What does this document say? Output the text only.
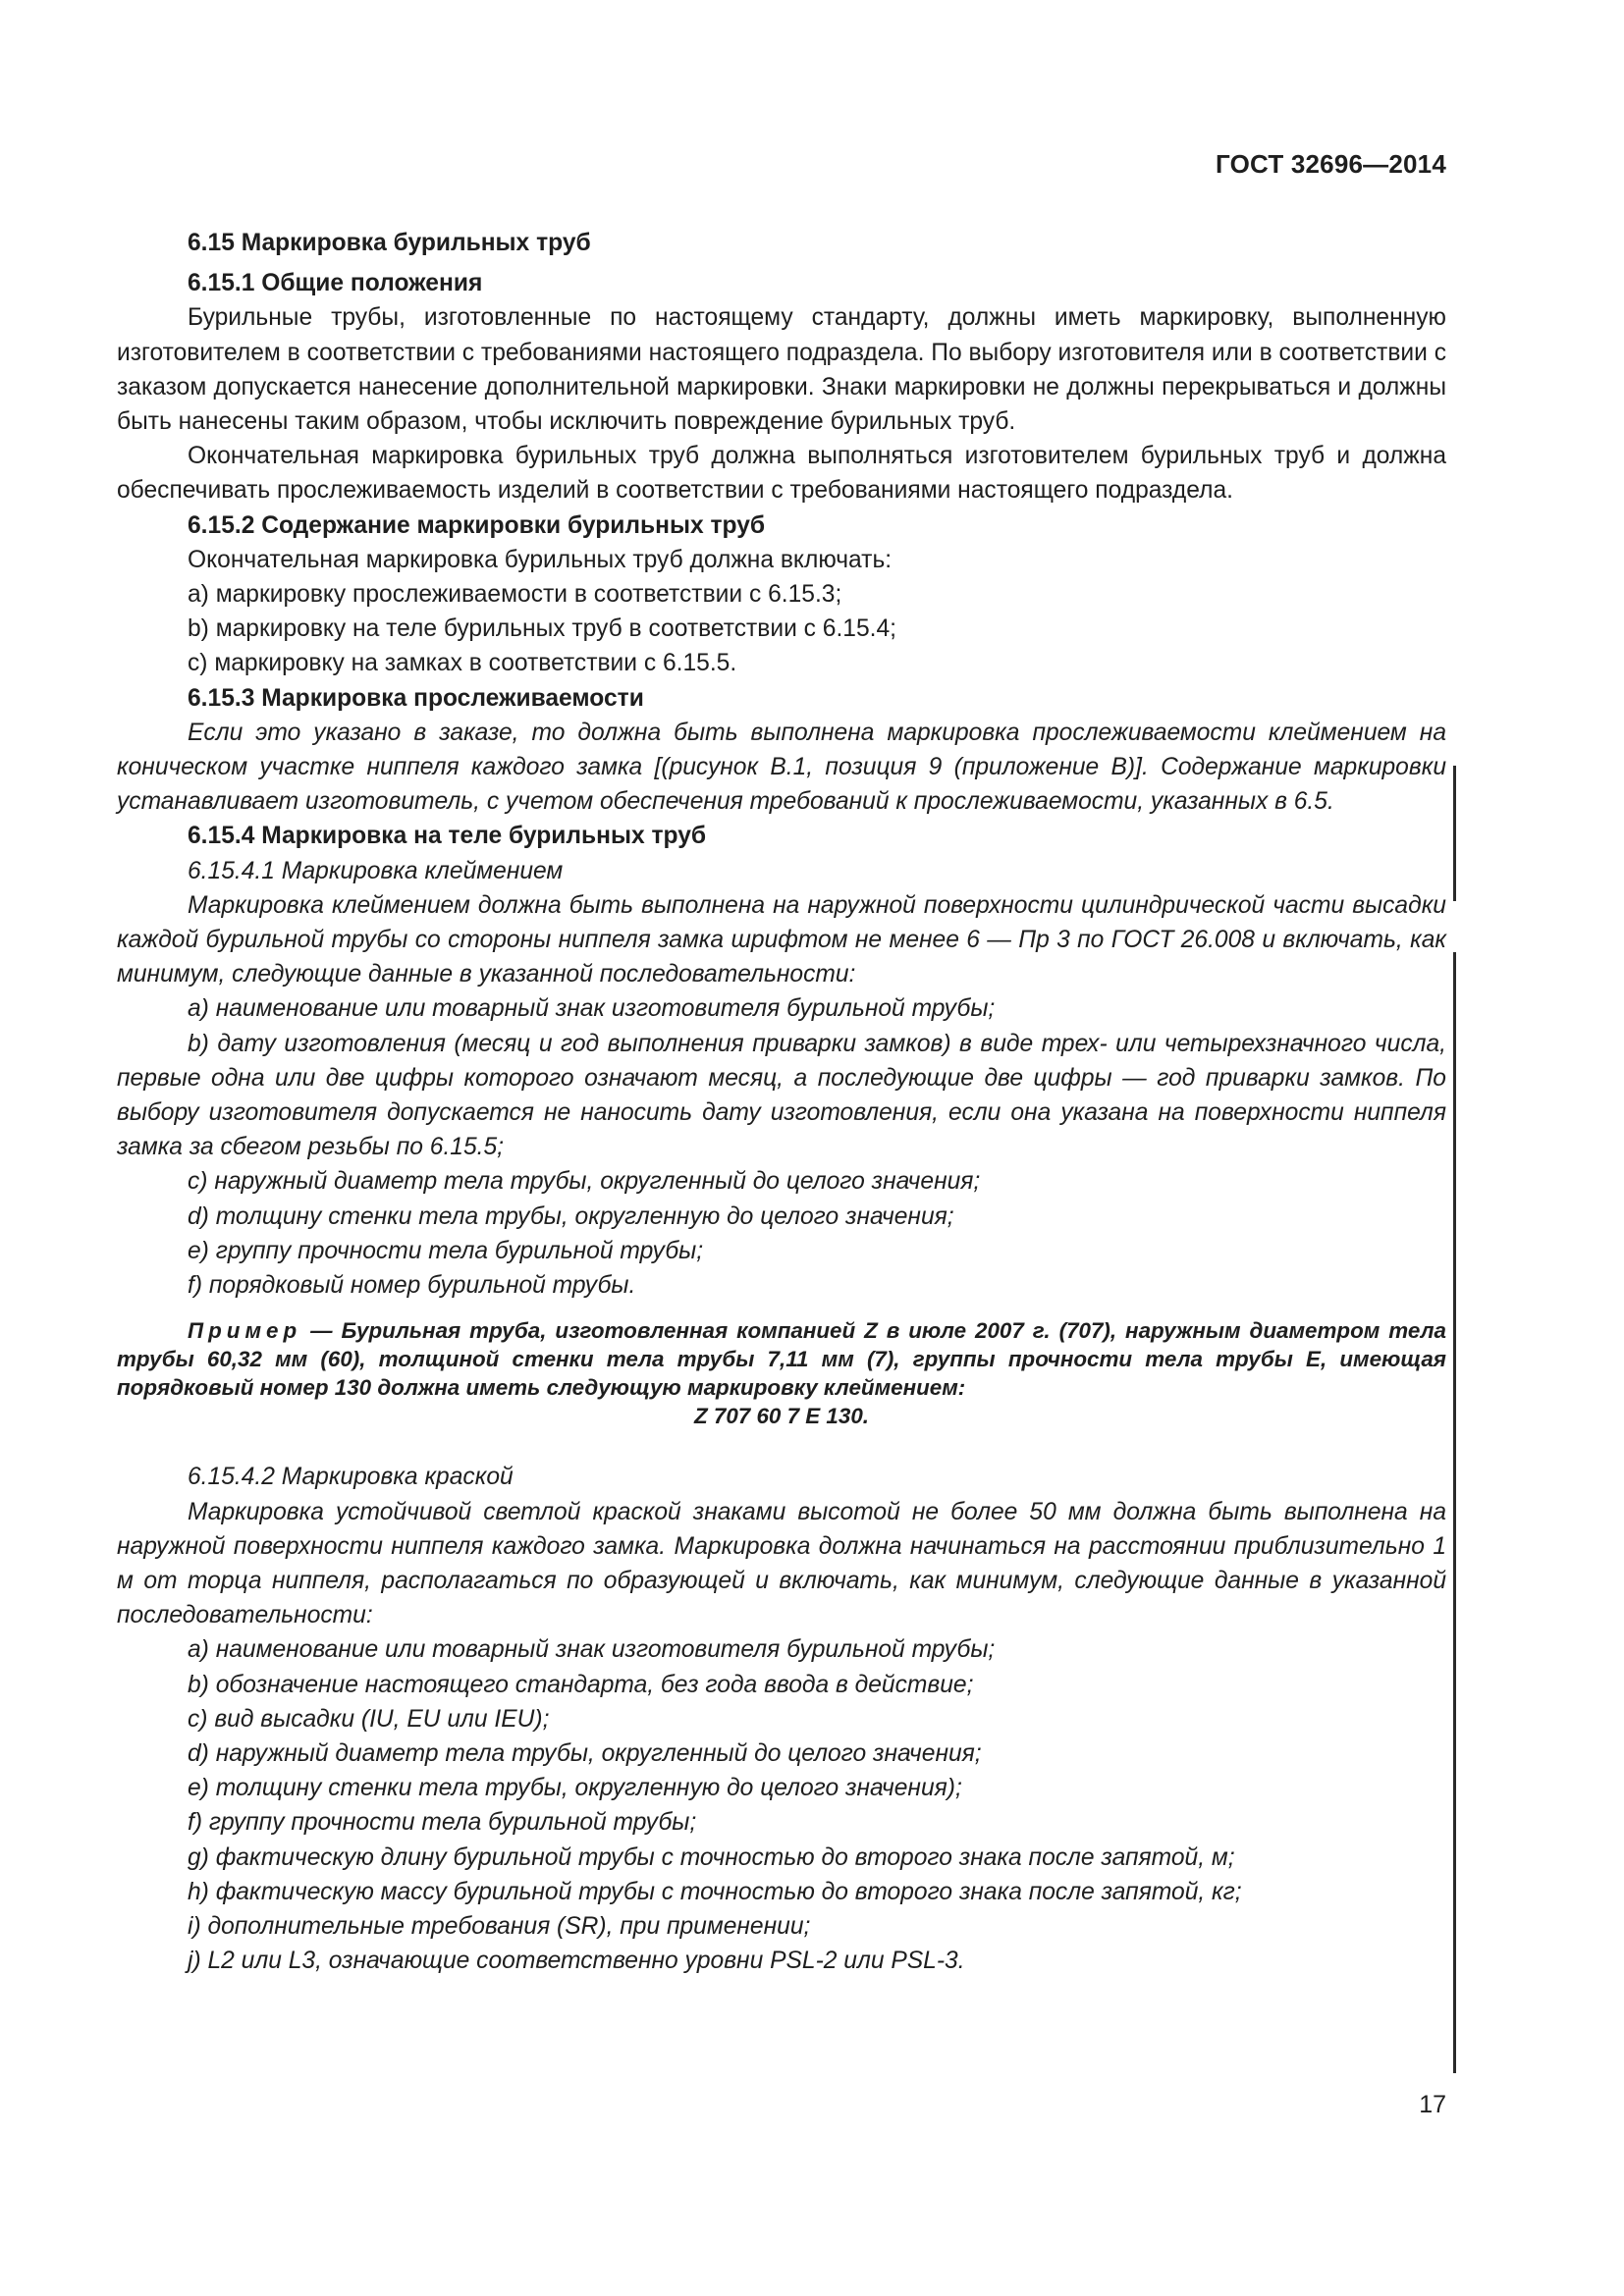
ГОСТ 32696—2014
6.15 Маркировка бурильных труб
6.15.1 Общие положения
Бурильные трубы, изготовленные по настоящему стандарту, должны иметь маркировку, выполненную изготовителем в соответствии с требованиями настоящего подраздела. По выбору изготовителя или в соответствии с заказом допускается нанесение дополнительной маркировки. Знаки маркировки не должны перекрываться и должны быть нанесены таким образом, чтобы исключить повреждение бурильных труб.
Окончательная маркировка бурильных труб должна выполняться изготовителем бурильных труб и должна обеспечивать прослеживаемость изделий в соответствии с требованиями настоящего подраздела.
6.15.2 Содержание маркировки бурильных труб
Окончательная маркировка бурильных труб должна включать:
a) маркировку прослеживаемости в соответствии с 6.15.3;
b) маркировку на теле бурильных труб в соответствии с 6.15.4;
c) маркировку на замках в соответствии с 6.15.5.
6.15.3 Маркировка прослеживаемости
Если это указано в заказе, то должна быть выполнена маркировка прослеживаемости клеймением на коническом участке ниппеля каждого замка [(рисунок В.1, позиция 9 (приложение В)]. Содержание маркировки устанавливает изготовитель, с учетом обеспечения требований к прослеживаемости, указанных в 6.5.
6.15.4 Маркировка на теле бурильных труб
6.15.4.1 Маркировка клеймением
Маркировка клеймением должна быть выполнена на наружной поверхности цилиндрической части высадки каждой бурильной трубы со стороны ниппеля замка шрифтом не менее 6 — Пр 3 по ГОСТ 26.008 и включать, как минимум, следующие данные в указанной последовательности:
a) наименование или товарный знак изготовителя бурильной трубы;
b) дату изготовления (месяц и год выполнения приварки замков) в виде трех- или четырехзначного числа, первые одна или две цифры которого означают месяц, а последующие две цифры — год приварки замков. По выбору изготовителя допускается не наносить дату изготовления, если она указана на поверхности ниппеля замка за сбегом резьбы по 6.15.5;
c) наружный диаметр тела трубы, округленный до целого значения;
d) толщину стенки тела трубы, округленную до целого значения;
e) группу прочности тела бурильной трубы;
f) порядковый номер бурильной трубы.
Пример — Бурильная труба, изготовленная компанией Z в июле 2007 г. (707), наружным диаметром тела трубы 60,32 мм (60), толщиной стенки тела трубы 7,11 мм (7), группы прочности тела трубы E, имеющая порядковый номер 130 должна иметь следующую маркировку клеймением:
Z 707 60 7 E 130.
6.15.4.2 Маркировка краской
Маркировка устойчивой светлой краской знаками высотой не более 50 мм должна быть выполнена на наружной поверхности ниппеля каждого замка. Маркировка должна начинаться на расстоянии приблизительно 1 м от торца ниппеля, располагаться по образующей и включать, как минимум, следующие данные в указанной последовательности:
a) наименование или товарный знак изготовителя бурильной трубы;
b) обозначение настоящего стандарта, без года ввода в действие;
c) вид высадки (IU, EU или IEU);
d) наружный диаметр тела трубы, округленный до целого значения;
e) толщину стенки тела трубы, округленную до целого значения);
f) группу прочности тела бурильной трубы;
g) фактическую длину бурильной трубы с точностью до второго знака после запятой, м;
h) фактическую массу бурильной трубы с точностью до второго знака после запятой, кг;
i) дополнительные требования (SR), при применении;
j) L2 или L3, означающие соответственно уровни PSL-2 или PSL-3.
17
